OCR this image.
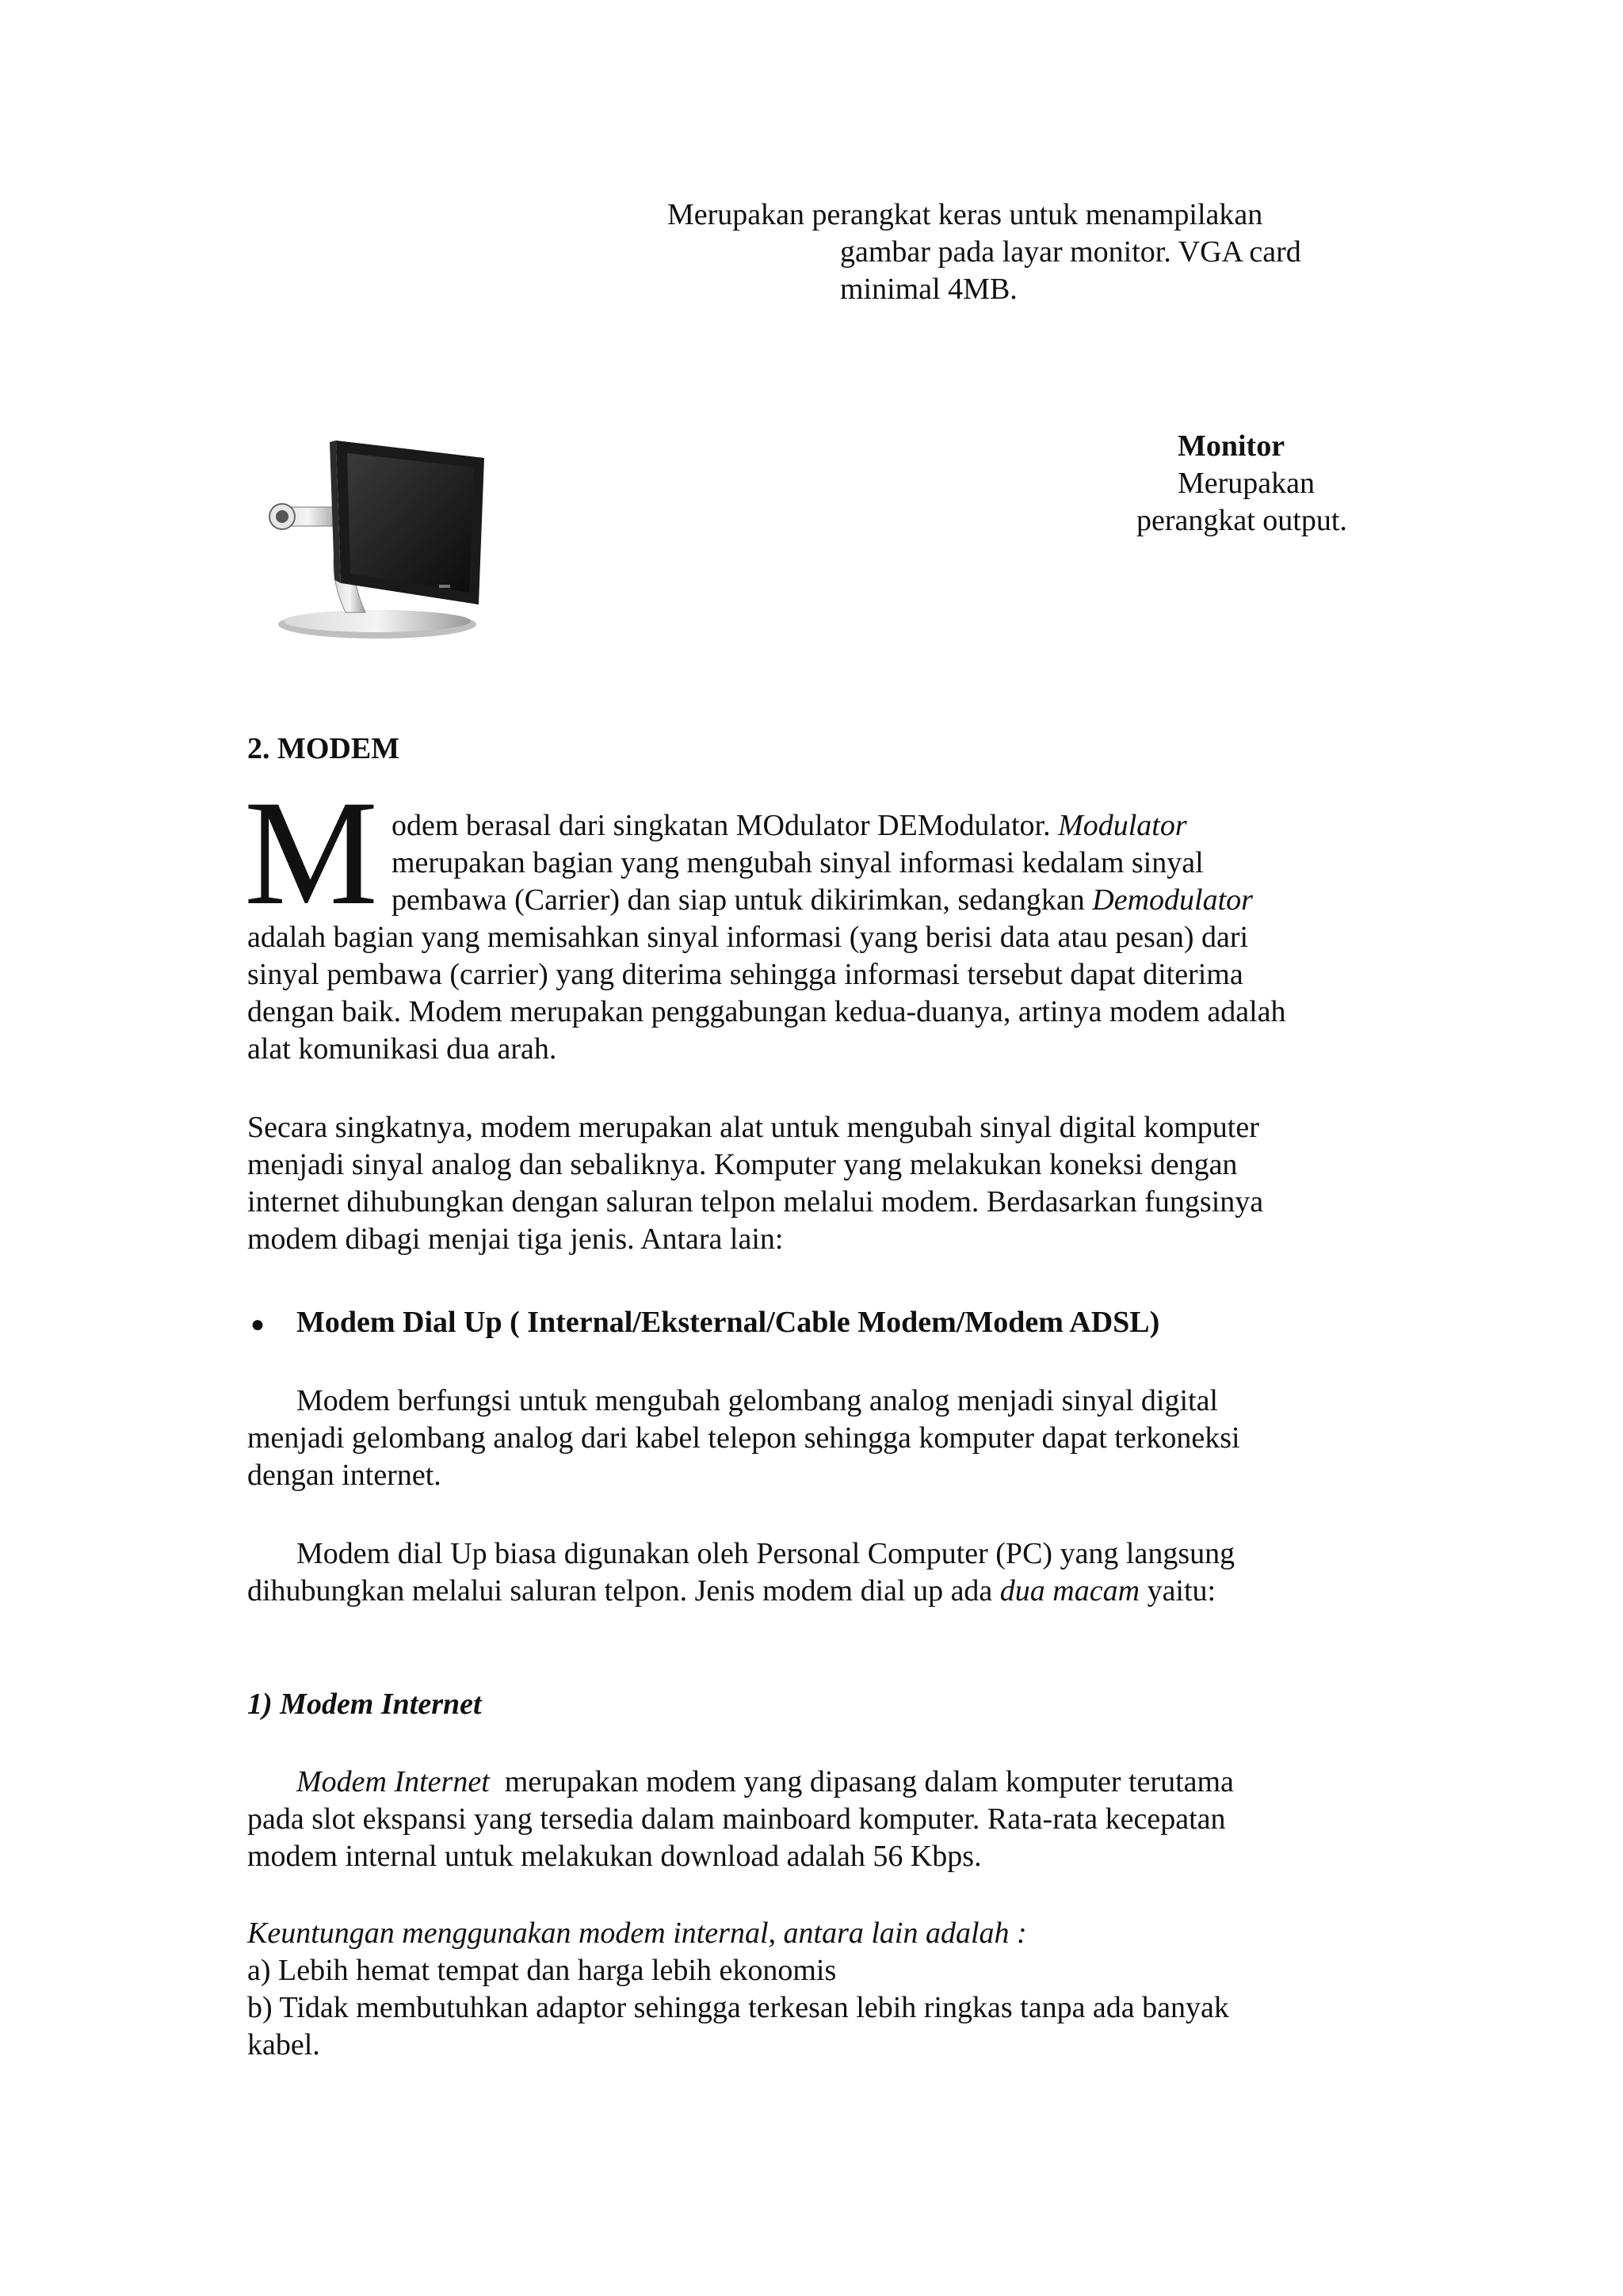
Merupakan perangkat keras untuk menampilakan
gambar pada layar monitor. VGA card
minimal 4MB.
Monitor
Merupakan
perangkat output.
2. MODEM
M odem berasal dari singkatan MOdulator DEModulator. Modulator
merupakan bagian yang mengubah sinyal informasi kedalam sinyal
pembawa (Carrier) dan siap untuk dikirimkan, sedangkan Demodulator
adalah bagian yang memisahkan sinyal informasi (yang berisi data atau pesan) dari
sinyal pembawa (carrier) yang diterima sehingga informasi tersebut dapat diterima
dengan baik. Modem merupakan penggabungan kedua-duanya, artinya modem adalah
alat komunikasi dua arah.
Secara singkatnya, modem merupakan alat untuk mengubah sinyal digital komputer
menjadi sinyal analog dan sebaliknya. Komputer yang melakukan koneksi dengan
internet dihubungkan dengan saluran telpon melalui modem. Berdasarkan fungsinya
modem dibagi menjai tiga jenis. Antara lain:
● Modem Dial Up ( Internal/Eksternal/Cable Modem/Modem ADSL)
Modem berfungsi untuk mengubah gelombang analog menjadi sinyal digital
menjadi gelombang analog dari kabel telepon sehingga komputer dapat terkoneksi
dengan internet.
Modem dial Up biasa digunakan oleh Personal Computer (PC) yang langsung
dihubungkan melalui saluran telpon. Jenis modem dial up ada dua macam yaitu:
1) Modem Internet
Modem Internet  merupakan modem yang dipasang dalam komputer terutama
pada slot ekspansi yang tersedia dalam mainboard komputer. Rata-rata kecepatan
modem internal untuk melakukan download adalah 56 Kbps.
Keuntungan menggunakan modem internal, antara lain adalah :
a) Lebih hemat tempat dan harga lebih ekonomis
b) Tidak membutuhkan adaptor sehingga terkesan lebih ringkas tanpa ada banyak
kabel.
